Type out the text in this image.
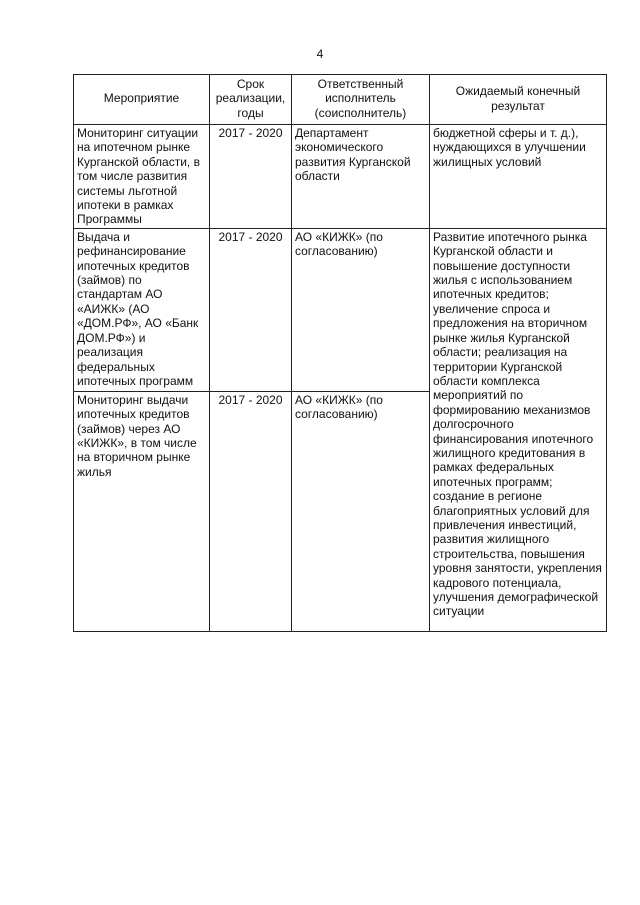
4
Мероприятие	Срок реализации, годы	Ответственный исполнитель (соисполнитель)	Ожидаемый конечный результат
Мониторинг ситуации на ипотечном рынке Курганской области, в том числе развития системы льготной ипотеки в рамках Программы	2017 - 2020	Департамент экономического развития Курганской области	бюджетной сферы и т. д.), нуждающихся в улучшении жилищных условий
Выдача и рефинансирование ипотечных кредитов (займов) по стандартам АО «АИЖК» (АО «ДОМ.РФ», АО «Банк ДОМ.РФ») и реализация федеральных ипотечных программ	2017 - 2020	АО «КИЖК» (по согласованию)	Развитие ипотечного рынка Курганской области и повышение доступности жилья с использованием ипотечных кредитов; увеличение спроса и предложения на вторичном рынке жилья Курганской области; реализация на территории Курганской области комплекса мероприятий по формированию механизмов долгосрочного финансирования ипотечного жилищного кредитования в рамках федеральных ипотечных программ; создание в регионе благоприятных условий для привлечения инвестиций, развития жилищного строительства, повышения уровня занятости, укрепления кадрового потенциала, улучшения демографической ситуации
Мониторинг выдачи ипотечных кредитов (займов) через АО «КИЖК», в том числе на вторичном рынке жилья	2017 - 2020	АО «КИЖК» (по согласованию)	
